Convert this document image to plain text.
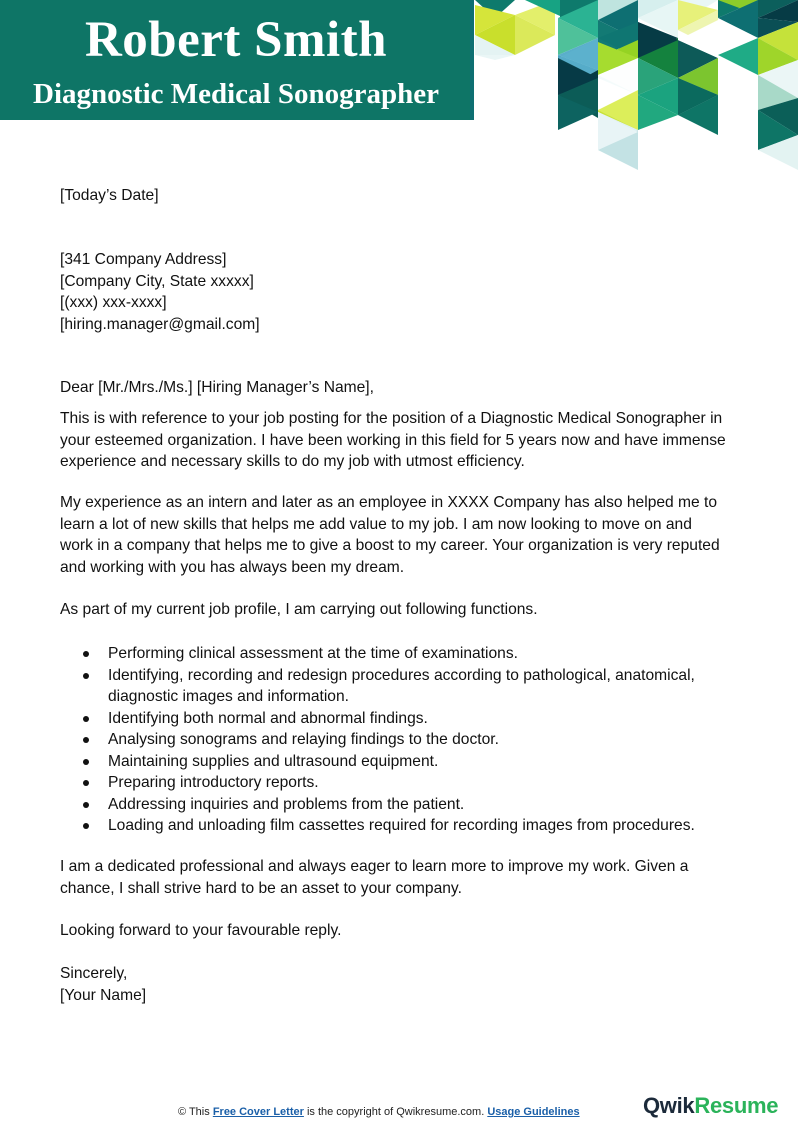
Robert Smith
Diagnostic Medical Sonographer

[Today’s Date]

[341 Company Address]
[Company City, State xxxxx]
[(xxx) xxx-xxxx]
[hiring.manager@gmail.com]

Dear [Mr./Mrs./Ms.] [Hiring Manager’s Name],

This is with reference to your job posting for the position of a Diagnostic Medical Sonographer in
your esteemed organization. I have been working in this field for 5 years now and have immense
experience and necessary skills to do my job with utmost efficiency.
My experience as an intern and later as an employee in XXXX Company has also helped me to
learn a lot of new skills that helps me add value to my job. I am now looking to move on and
work in a company that helps me to give a boost to my career. Your organization is very reputed
and working with you has always been my dream.

As part of my current job profile, I am carrying out following functions.

Performing clinical assessment at the time of examinations.
Identifying, recording and redesign procedures according to pathological, anatomical,
diagnostic images and information.
Identifying both normal and abnormal findings.
Analysing sonograms and relaying findings to the doctor.
Maintaining supplies and ultrasound equipment.
Preparing introductory reports.
Addressing inquiries and problems from the patient.
Loading and unloading film cassettes required for recording images from procedures.
I am a dedicated professional and always eager to learn more to improve my work. Given a
chance, I shall strive hard to be an asset to your company.

Looking forward to your favourable reply.

Sincerely,
[Your Name]
© This Free Cover Letter is the copyright of Qwikresume.com. Usage Guidelines	QwikResume
